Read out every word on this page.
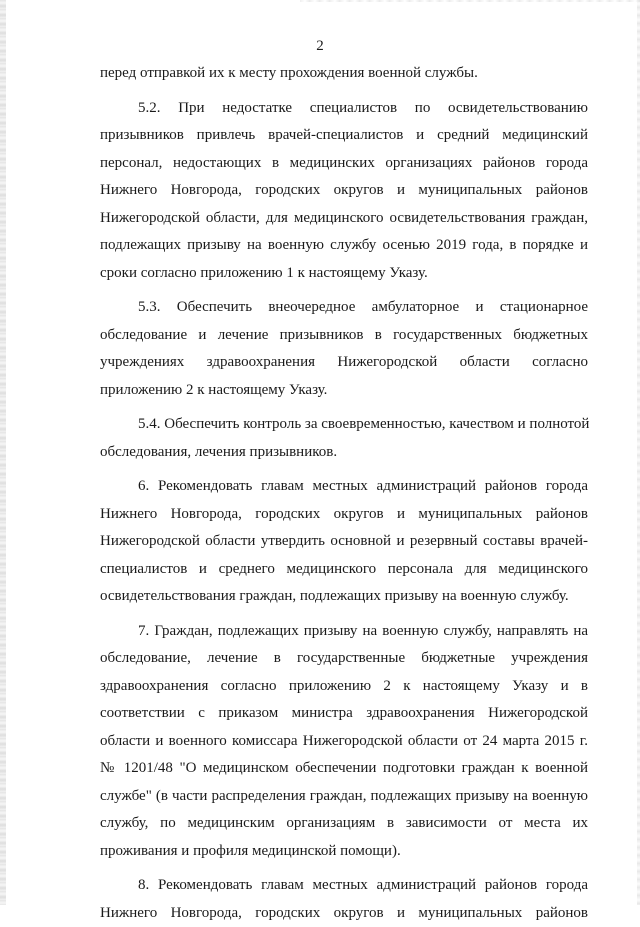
2
перед отправкой их к месту прохождения военной службы.
5.2. При недостатке специалистов по освидетельствованию
призывников привлечь врачей-специалистов и средний медицинский
персонал, недостающих в медицинских организациях районов города
Нижнего Новгорода, городских округов и муниципальных районов
Нижегородской области, для медицинского освидетельствования граждан,
подлежащих призыву на военную службу осенью 2019 года, в порядке и
сроки согласно приложению 1 к настоящему Указу.
5.3. Обеспечить внеочередное амбулаторное и стационарное
обследование и лечение призывников в государственных бюджетных
учреждениях здравоохранения Нижегородской области согласно
приложению 2 к настоящему Указу.
5.4. Обеспечить контроль за своевременностью, качеством и полнотой
обследования, лечения призывников.
6. Рекомендовать главам местных администраций районов города
Нижнего Новгорода, городских округов и муниципальных районов
Нижегородской области утвердить основной и резервный составы врачей-
специалистов и среднего медицинского персонала для медицинского
освидетельствования граждан, подлежащих призыву на военную службу.
7. Граждан, подлежащих призыву на военную службу, направлять на
обследование, лечение в государственные бюджетные учреждения
здравоохранения согласно приложению 2 к настоящему Указу и в
соответствии с приказом министра здравоохранения Нижегородской
области и военного комиссара Нижегородской области от 24 марта 2015 г.
№ 1201/48 "О медицинском обеспечении подготовки граждан к военной
службе" (в части распределения граждан, подлежащих призыву на военную
службу, по медицинским организациям в зависимости от места их
проживания и профиля медицинской помощи).
8. Рекомендовать главам местных администраций районов города
Нижнего Новгорода, городских округов и муниципальных районов
